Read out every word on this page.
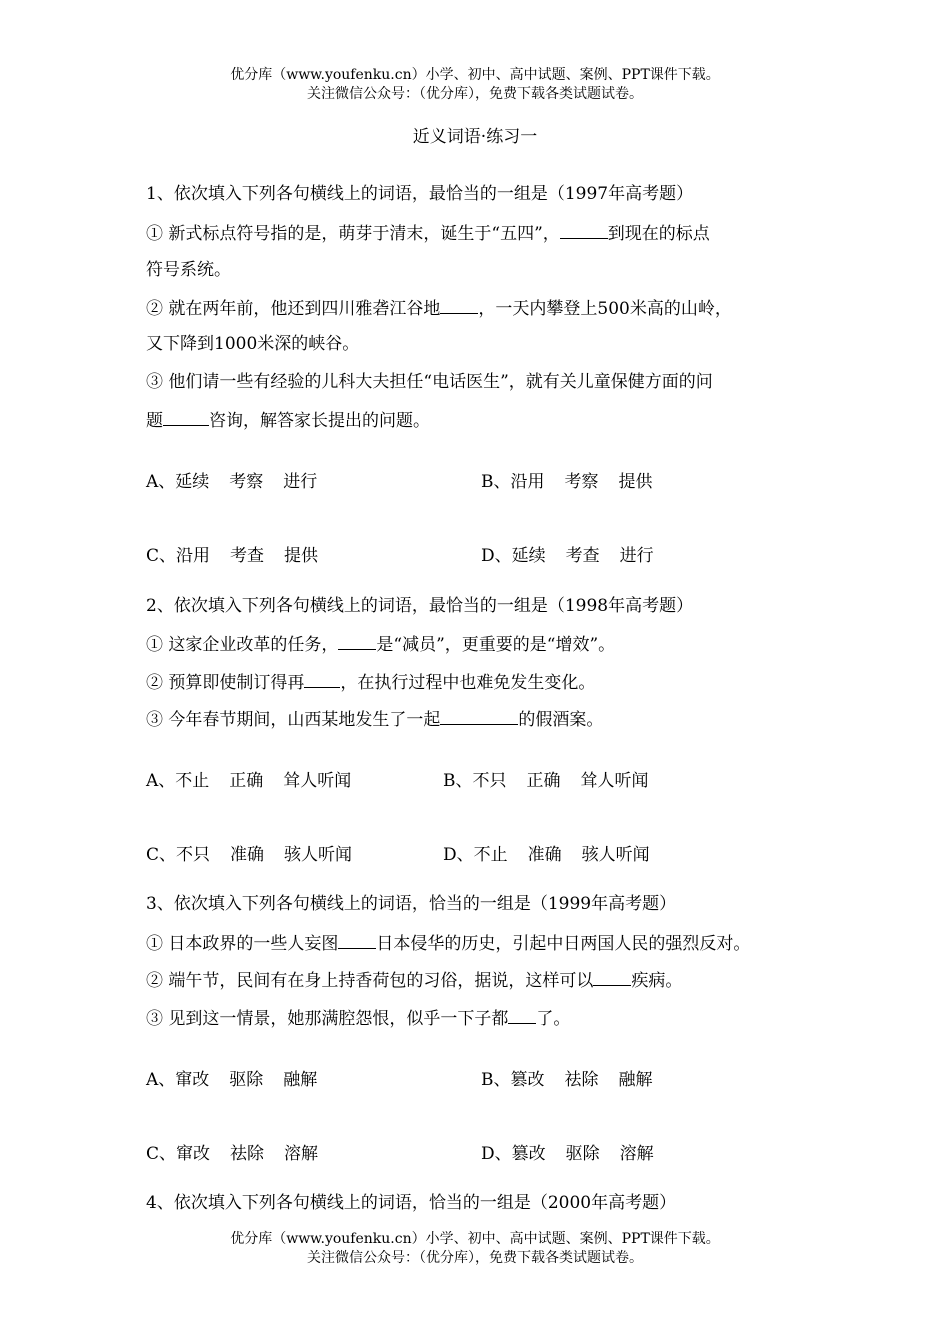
优分库（www.youfenku.cn）小学、初中、高中试题、案例、PPT课件下载。
关注微信公众号：（优分库），免费下载各类试题试卷。
近义词语·练习一
1、依次填入下列各句横线上的词语，最恰当的一组是（1997年高考题）
① 新式标点符号指的是，萌芽于清末，诞生于“五四”，	到现在的标点
符号系统。
② 就在两年前，他还到四川雅砻江谷地 ，一天内攀登上500米高的山岭，
又下降到1000米深的峡谷。
③ 他们请一些有经验的儿科大夫担任“电话医生”，就有关儿童保健方面的问
题	咨询，解答家长提出的问题。
A、延续 考察 进行	B、沿用 考察 提供
C、沿用 考查 提供	D、延续 考查 进行
2、依次填入下列各句横线上的词语，最恰当的一组是（1998年高考题）
① 这家企业改革的任务， 是“减员”，更重要的是“增效”。
② 预算即使制订得再 ，在执行过程中也难免发生变化。
③ 今年春节期间，山西某地发生了一起	的假酒案。
A、不止 正确 耸人听闻	B、不只 正确 耸人听闻
C、不只 准确 骇人听闻	D、不止 准确 骇人听闻
3、依次填入下列各句横线上的词语，恰当的一组是（1999年高考题）
① 日本政界的一些人妄图 日本侵华的历史，引起中日两国人民的强烈反对。
② 端午节，民间有在身上持香荷包的习俗，据说，这样可以 疾病。
③ 见到这一情景，她那满腔怨恨，似乎一下子都 了。
A、窜改 驱除 融解	B、篡改 祛除 融解
C、窜改 祛除 溶解	D、篡改 驱除 溶解
4、依次填入下列各句横线上的词语，恰当的一组是（2000年高考题）
优分库（www.youfenku.cn）小学、初中、高中试题、案例、PPT课件下载。
关注微信公众号：（优分库），免费下载各类试题试卷。
